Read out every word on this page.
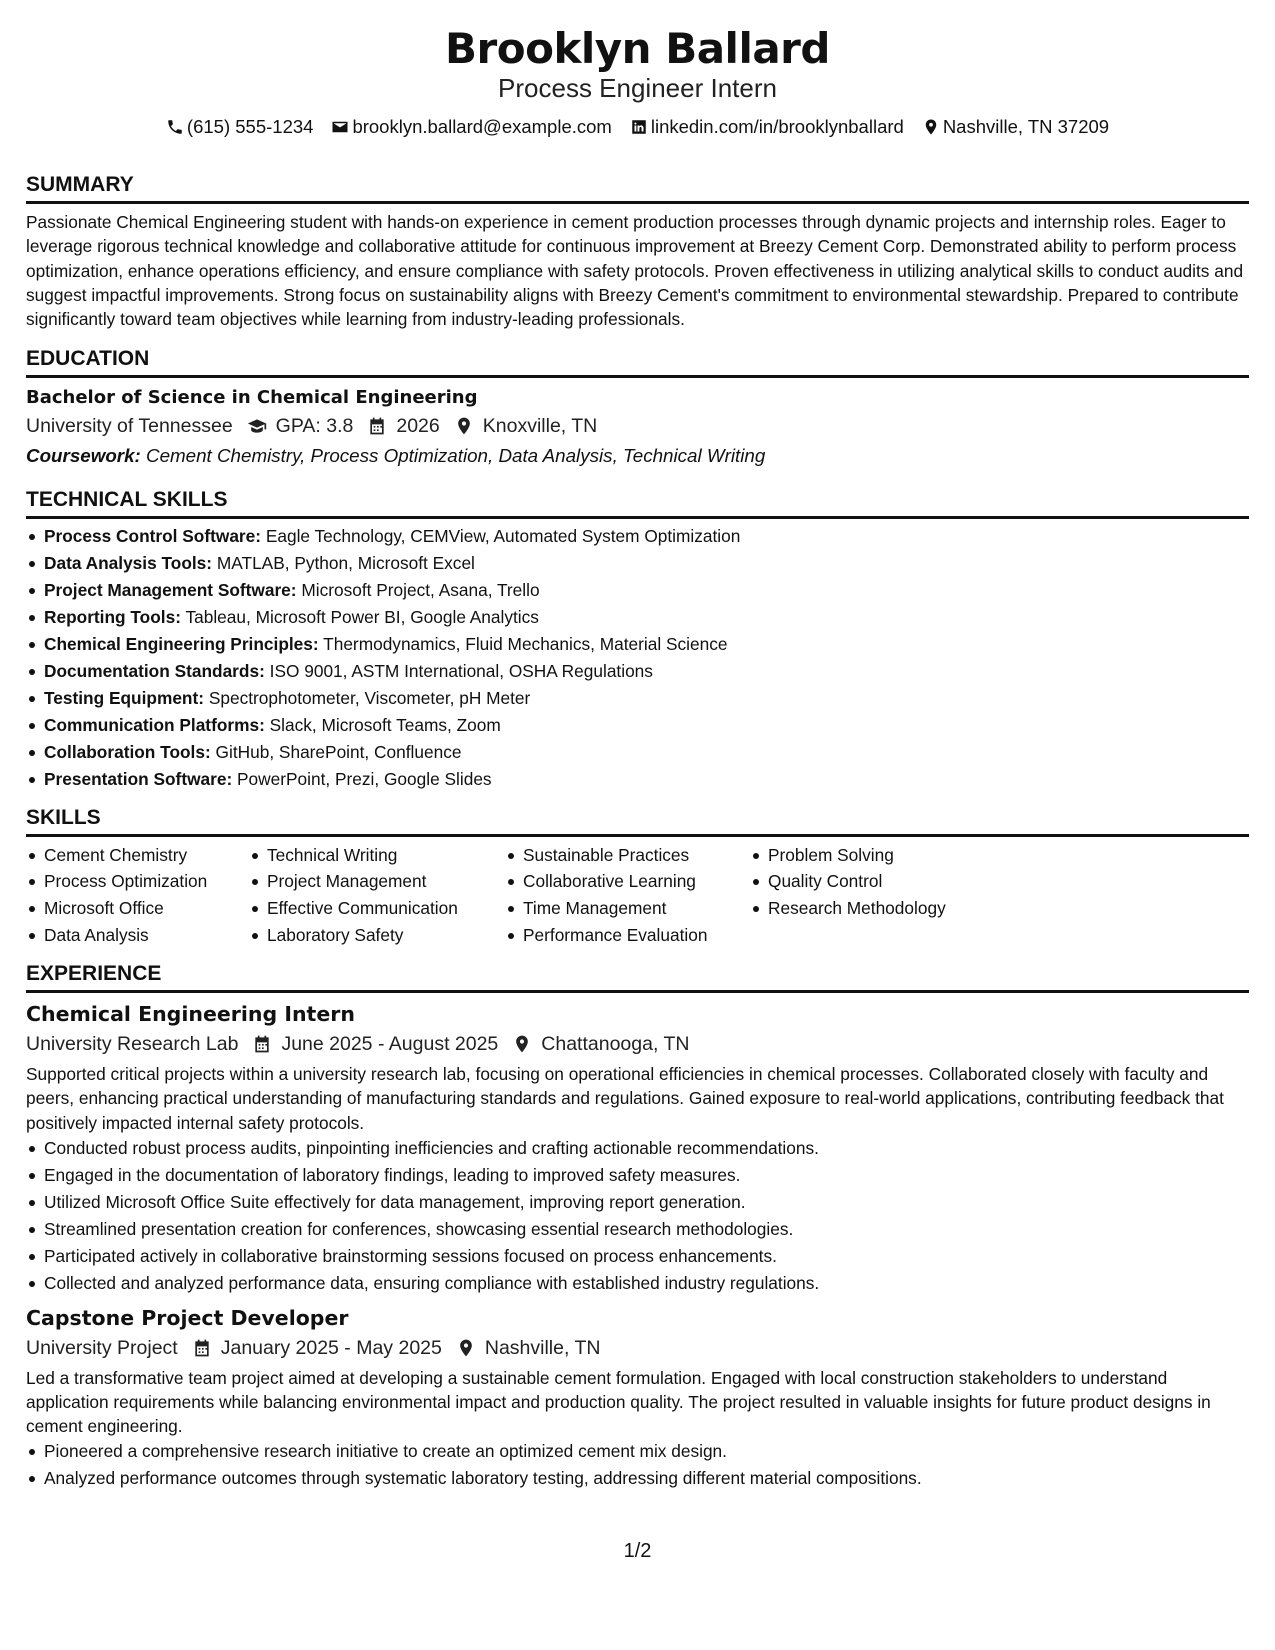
Brooklyn Ballard
Process Engineer Intern
(615) 555-1234 brooklyn.ballard@example.com linkedin.com/in/brooklynballard Nashville, TN 37209
SUMMARY

Passionate Chemical Engineering student with hands-on experience in cement production processes through dynamic projects and internship roles. Eager to leverage rigorous technical knowledge and collaborative attitude for continuous improvement at Breezy Cement Corp. Demonstrated ability to perform process optimization, enhance operations efficiency, and ensure compliance with safety protocols. Proven effectiveness in utilizing analytical skills to conduct audits and suggest impactful improvements. Strong focus on sustainability aligns with Breezy Cement's commitment to environmental stewardship. Prepared to contribute significantly toward team objectives while learning from industry-leading professionals.

EDUCATION
Bachelor of Science in Chemical Engineering
University of Tennessee GPA: 3.8 2026 Knoxville, TN
Coursework: Cement Chemistry, Process Optimization, Data Analysis, Technical Writing
TECHNICAL SKILLS
Process Control Software: Eagle Technology, CEMView, Automated System Optimization
Data Analysis Tools: MATLAB, Python, Microsoft Excel
Project Management Software: Microsoft Project, Asana, Trello
Reporting Tools: Tableau, Microsoft Power BI, Google Analytics
Chemical Engineering Principles: Thermodynamics, Fluid Mechanics, Material Science
Documentation Standards: ISO 9001, ASTM International, OSHA Regulations
Testing Equipment: Spectrophotometer, Viscometer, pH Meter
Communication Platforms: Slack, Microsoft Teams, Zoom
Collaboration Tools: GitHub, SharePoint, Confluence
Presentation Software: PowerPoint, Prezi, Google Slides
SKILLS
Cement Chemistry
Process Optimization
Microsoft Office
Data Analysis
Technical Writing
Project Management
Effective Communication
Laboratory Safety
Sustainable Practices
Collaborative Learning
Time Management
Performance Evaluation
Problem Solving
Quality Control
Research Methodology
EXPERIENCE
Chemical Engineering Intern
University Research Lab June 2025 - August 2025 Chattanooga, TN

Supported critical projects within a university research lab, focusing on operational efficiencies in chemical processes. Collaborated closely with faculty and peers, enhancing practical understanding of manufacturing standards and regulations. Gained exposure to real-world applications, contributing feedback that positively impacted internal safety protocols.

Conducted robust process audits, pinpointing inefficiencies and crafting actionable recommendations.
Engaged in the documentation of laboratory findings, leading to improved safety measures.
Utilized Microsoft Office Suite effectively for data management, improving report generation.
Streamlined presentation creation for conferences, showcasing essential research methodologies.
Participated actively in collaborative brainstorming sessions focused on process enhancements.
Collected and analyzed performance data, ensuring compliance with established industry regulations.
Capstone Project Developer
University Project January 2025 - May 2025 Nashville, TN

Led a transformative team project aimed at developing a sustainable cement formulation. Engaged with local construction stakeholders to understand application requirements while balancing environmental impact and production quality. The project resulted in valuable insights for future product designs in cement engineering.

Pioneered a comprehensive research initiative to create an optimized cement mix design.
Analyzed performance outcomes through systematic laboratory testing, addressing different material compositions.
1/2
